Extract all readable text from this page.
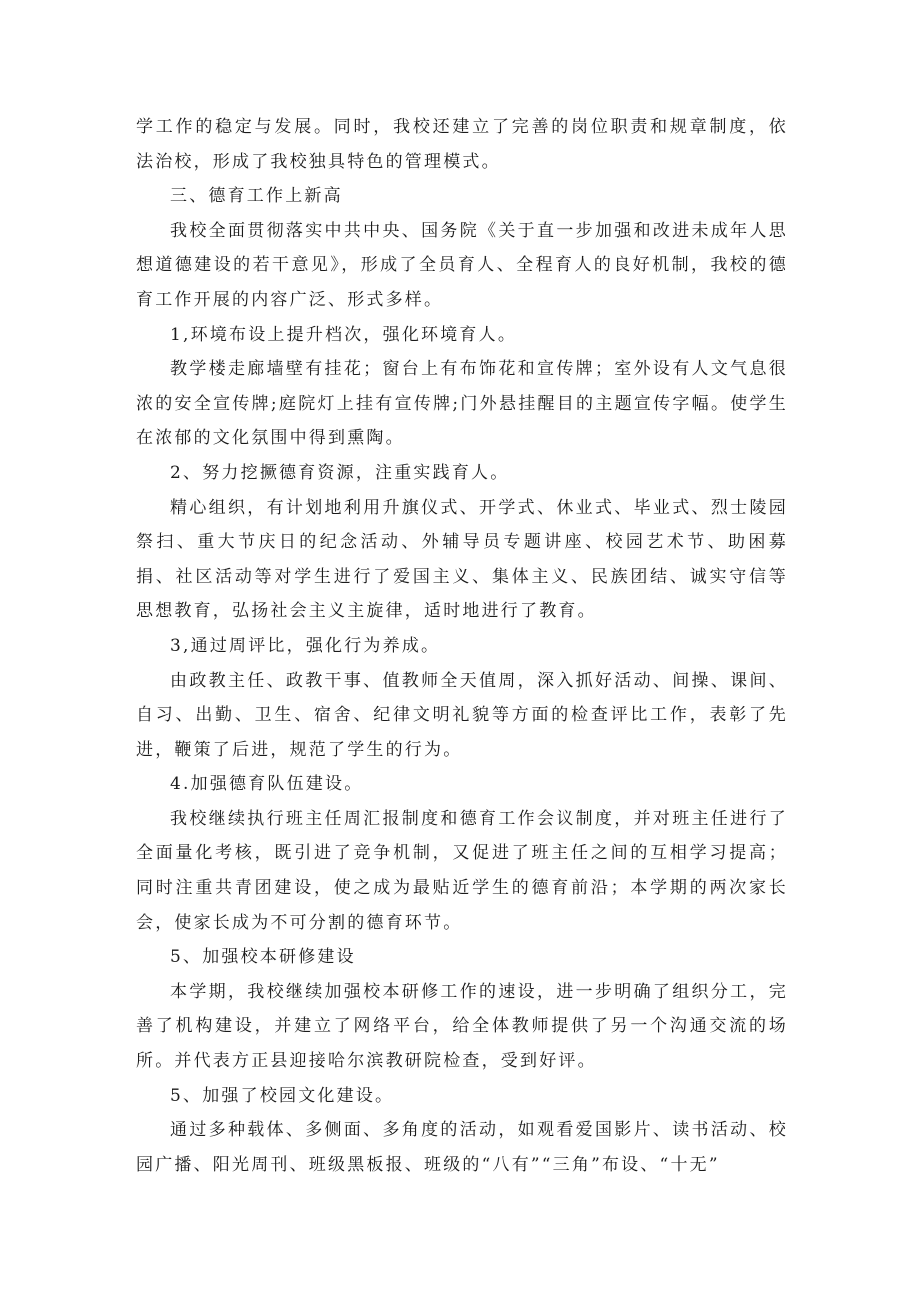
学工作的稳定与发展。同时，我校还建立了完善的岗位职责和规章制度，依法治校，形成了我校独具特色的管理模式。

三、德育工作上新高

我校全面贯彻落实中共中央、国务院《关于直一步加强和改进未成年人思想道德建设的若干意见》，形成了全员育人、全程育人的良好机制，我校的德育工作开展的内容广泛、形式多样。

1,环境布设上提升档次，强化环境育人。

教学楼走廊墙壁有挂花；窗台上有布饰花和宣传牌；室外设有人文气息很浓的安全宣传牌;庭院灯上挂有宣传牌;门外悬挂醒目的主题宣传字幅。使学生在浓郁的文化氛围中得到熏陶。

2、努力挖撅德育资源，注重实践育人。

精心组织，有计划地利用升旗仪式、开学式、休业式、毕业式、烈士陵园祭扫、重大节庆日的纪念活动、外辅导员专题讲座、校园艺术节、助困募捐、社区活动等对学生进行了爱国主义、集体主义、民族团结、诚实守信等思想教育，弘扬社会主义主旋律，适时地进行了教育。

3,通过周评比，强化行为养成。

由政教主任、政教干事、值教师全天值周，深入抓好活动、间操、课间、自习、出勤、卫生、宿舍、纪律文明礼貌等方面的检查评比工作，表彰了先进，鞭策了后进，规范了学生的行为。

4.加强德育队伍建设。

我校继续执行班主任周汇报制度和德育工作会议制度，并对班主任进行了全面量化考核，既引进了竞争机制，又促进了班主任之间的互相学习提高；同时注重共青团建设，使之成为最贴近学生的德育前沿；本学期的两次家长会，使家长成为不可分割的德育环节。

5、加强校本研修建设

本学期，我校继续加强校本研修工作的速设，进一步明确了组织分工，完善了机构建设，并建立了网络平台，给全体教师提供了另一个沟通交流的场所。并代表方正县迎接哈尔滨教研院检查，受到好评。

5、加强了校园文化建设。

通过多种载体、多侧面、多角度的活动，如观看爱国影片、读书活动、校园广播、阳光周刊、班级黑板报、班级的“八有”“三角”布设、“十无”
